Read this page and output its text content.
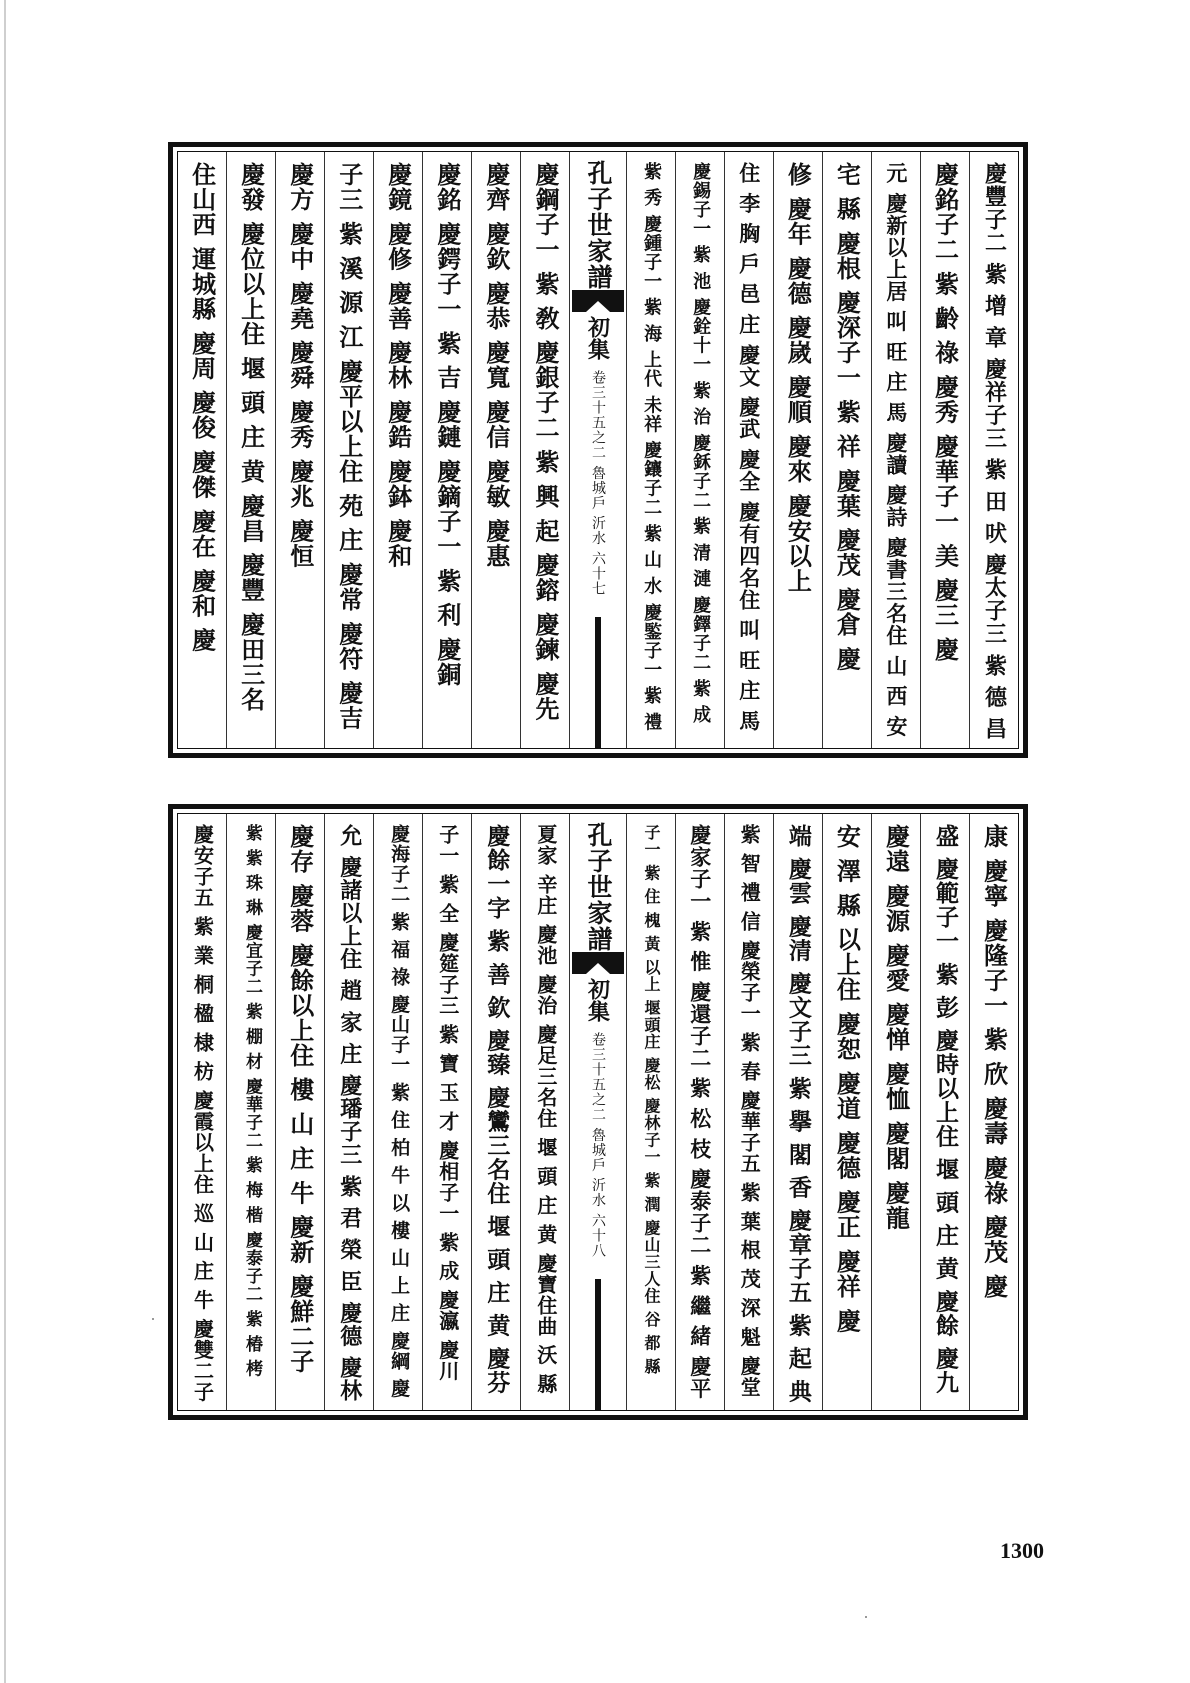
慶豐子二 紫 增 章 慶祥子三 紫 田 吠 慶太子三 紫 德 昌
慶銘子二 紫 齡 祿 慶秀 慶華子一 美 慶三 慶
元 慶新以上居 叫 旺 庄 馬 慶讀 慶詩 慶書三名住 山 西 安
宅 縣 慶根 慶深子一 紫 祥 慶葉 慶茂 慶倉 慶
修 慶年 慶德 慶嵗 慶順 慶來 慶安以上
住 李 胸 戶 邑 庄 慶文 慶武 慶全 慶有四名住 叫 旺 庄 馬
慶錫子一 紫 池 慶銓十一 紫 治 慶鉌子二 紫 清 漣 慶鐸子二 紫 成
紫 秀 慶鍾子一 紫 海 上代 未祥 慶鑲子二 紫 山 水 慶鍳子一 紫 禮
孔子世家譜
初集
卷三十五之二 魯城戶 沂水 六十七
慶鋼子一 紫 敎 慶銀子二 紫 興 起 慶鎔 慶鍊 慶先
慶齊 慶欽 慶恭 慶寬 慶信 慶敏 慶惠
慶銘 慶鍔子一 紫 吉 慶鏈 慶鏑子一 紫 利 慶銅
慶鏡 慶修 慶善 慶林 慶鋯 慶鉢 慶和
子三 紫 溪 源 江 慶平以上住 苑 庄 慶常 慶符 慶吉
慶方 慶中 慶堯 慶舜 慶秀 慶兆 慶恒
慶發 慶位以上住 堰 頭 庄 黄 慶昌 慶豐 慶田三名
住山西 運城縣 慶周 慶俊 慶傑 慶在 慶和 慶
康 慶寧 慶隆子一 紫 欣 慶壽 慶祿 慶茂 慶
盛 慶範子一 紫 彭 慶時以上住 堰 頭 庄 黄 慶餘 慶九
慶遠 慶源 慶愛 慶惮 慶恤 慶閣 慶龍
安 澤 縣 以上住 慶恕 慶道 慶德 慶正 慶祥 慶
端 慶雲 慶清 慶文子三 紫 擧 閣 香 慶章子五 紫 起 典
紫 智 禮 信 慶榮子一 紫 春 慶華子五 紫 葉 根 茂 深 魁 慶堂
慶家子一 紫 惟 慶還子二 紫 松 枝 慶泰子二 紫 繼 緒 慶平
子一 紫 住 槐 黃 以上 堰頭庄 慶松 慶林子一 紫 潤 慶山三人住 谷 都 縣
孔子世家譜
初集
卷三十五之二 魯城戶 沂水 六十八
夏家 辛庄 慶池 慶治 慶足三名住 堰 頭 庄 黄 慶寶住曲 沃 縣
慶餘一字 紫 善 欽 慶臻 慶鸞三名住 堰 頭 庄 黄 慶芬
子一 紫 全 慶筵子三 紫 寶 玉 才 慶相子一 紫 成 慶瀛 慶川
慶海子二 紫 福 祿 慶山子一 紫 住 柏 牛 以 樓 山 上 庄 慶綱 慶
允 慶諸以上住 趙 家 庄 慶璠子三 紫 君 榮 臣 慶德 慶林
慶存 慶蓉 慶餘以上住 樓 山 庄 牛 慶新 慶鮮二子
紫 紫 珠 琳 慶宜子二 紫 棚 材 慶華子二 紫 梅 楷 慶泰子二 紫 椿 栲
慶安子五 紫 業 桐 楹 棣 枋 慶霞以上住 巡 山 庄 牛 慶雙二子
1300
